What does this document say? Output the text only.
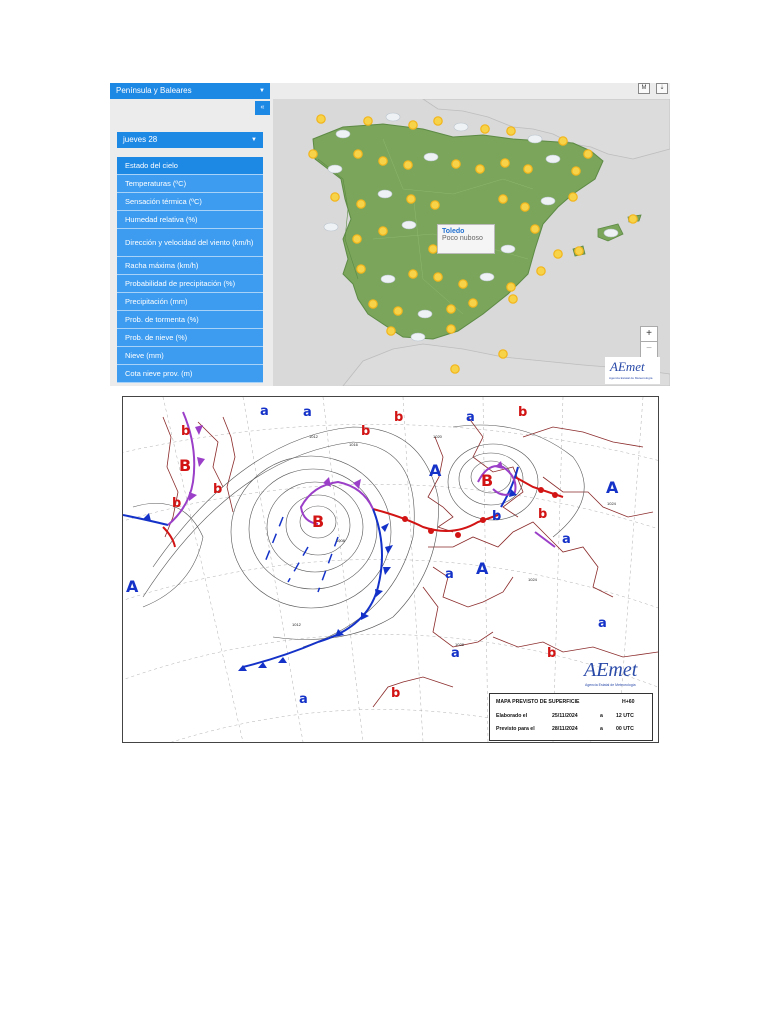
Península y Baleares	▼
«
M ⇣
jueves 28	▼
Estado del cielo
Temperaturas (ºC)
Sensación térmica (ºC)
Humedad relativa (%)
Dirección y velocidad del viento (km/h)
Racha máxima (km/h)
Probabilidad de precipitación (%)
Precipitación (mm)
Prob. de tormenta (%)
Prob. de nieve (%)
Nieve (mm)
Cota nieve prov. (m)
Toledo
Poco nuboso
+
−
AEmet
Agencia Estatal de Meteorología
B
B
B
b
b
b
b
b	b
b
b
b
b
A
A
A
A
a	a	a
a
a
a
a
a
1012
1008
1020
1024
1012
1016
1024
1028
AEmet
Agencia Estatal de Meteorología
MAPA PREVISTO DE SUPERFICIE	H+60
Elaborado el	25/11/2024	a	12 UTC
Previsto para el	28/11/2024	a	00 UTC
